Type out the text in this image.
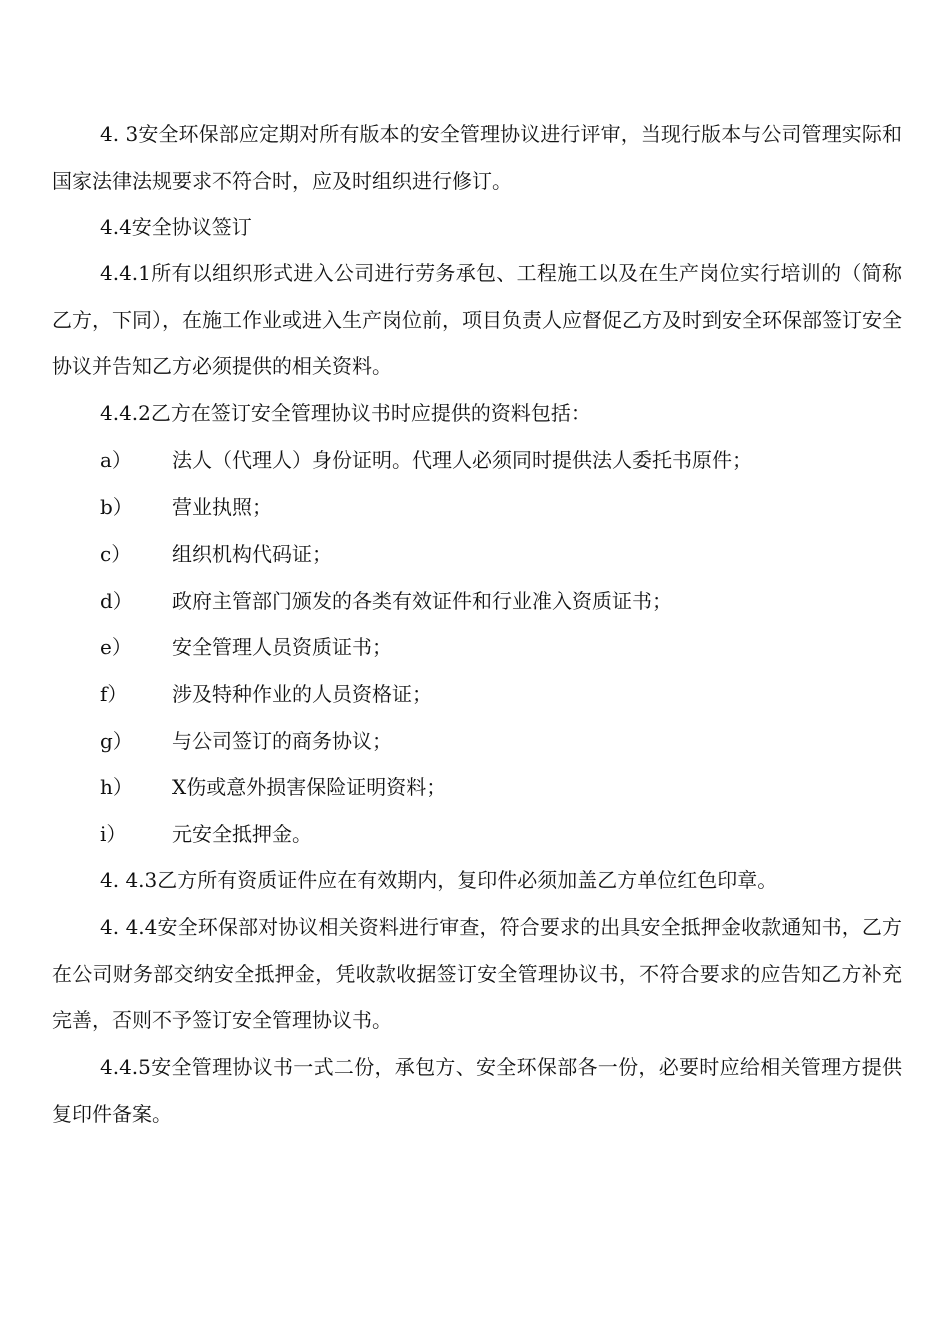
4. 3安全环保部应定期对所有版本的安全管理协议进行评审，当现行版本与公司管理实际和国家法律法规要求不符合时，应及时组织进行修订。

4.4安全协议签订

4.4.1所有以组织形式进入公司进行劳务承包、工程施工以及在生产岗位实行培训的（简称乙方，下同），在施工作业或进入生产岗位前，项目负责人应督促乙方及时到安全环保部签订安全协议并告知乙方必须提供的相关资料。

4.4.2乙方在签订安全管理协议书时应提供的资料包括：

a） 法人（代理人）身份证明。代理人必须同时提供法人委托书原件；

b） 营业执照；

c） 组织机构代码证；

d） 政府主管部门颁发的各类有效证件和行业准入资质证书；

e） 安全管理人员资质证书；

f） 涉及特种作业的人员资格证；

g） 与公司签订的商务协议；

h） X伤或意外损害保险证明资料；

i） 元安全抵押金。

4. 4.3乙方所有资质证件应在有效期内，复印件必须加盖乙方单位红色印章。

4. 4.4安全环保部对协议相关资料进行审查，符合要求的出具安全抵押金收款通知书，乙方在公司财务部交纳安全抵押金，凭收款收据签订安全管理协议书，不符合要求的应告知乙方补充完善，否则不予签订安全管理协议书。

4.4.5安全管理协议书一式二份，承包方、安全环保部各一份，必要时应给相关管理方提供复印件备案。
